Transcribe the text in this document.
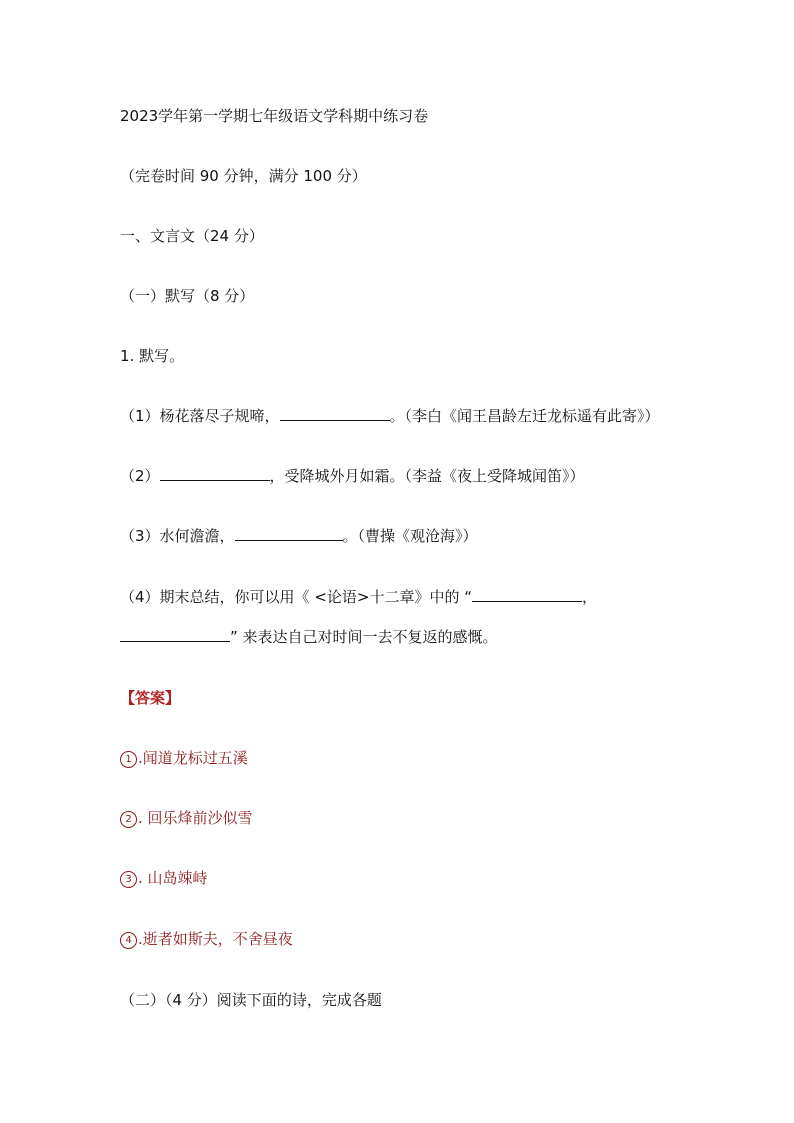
2023学年第一学期七年级语文学科期中练习卷
（完卷时间 90 分钟，满分 100 分）
一、文言文（24 分）
（一）默写（8 分）
1. 默写。
（1）杨花落尽子规啼，	。（李白《闻王昌龄左迁龙标遥有此寄》）
（2）	，受降城外月如霜。（李益《夜上受降城闻笛》）
（3）水何澹澹，	。（曹操《观沧海》）
（4）期末总结，你可以用《 <论语>十二章》中的 “	，
” 来表达自己对时间一去不复返的感慨。
【答案】
1 .闻道龙标过五溪
2 . 回乐烽前沙似雪
3 . 山岛竦峙
4 .逝者如斯夫，不舍昼夜
（二）（4 分）阅读下面的诗，完成各题
